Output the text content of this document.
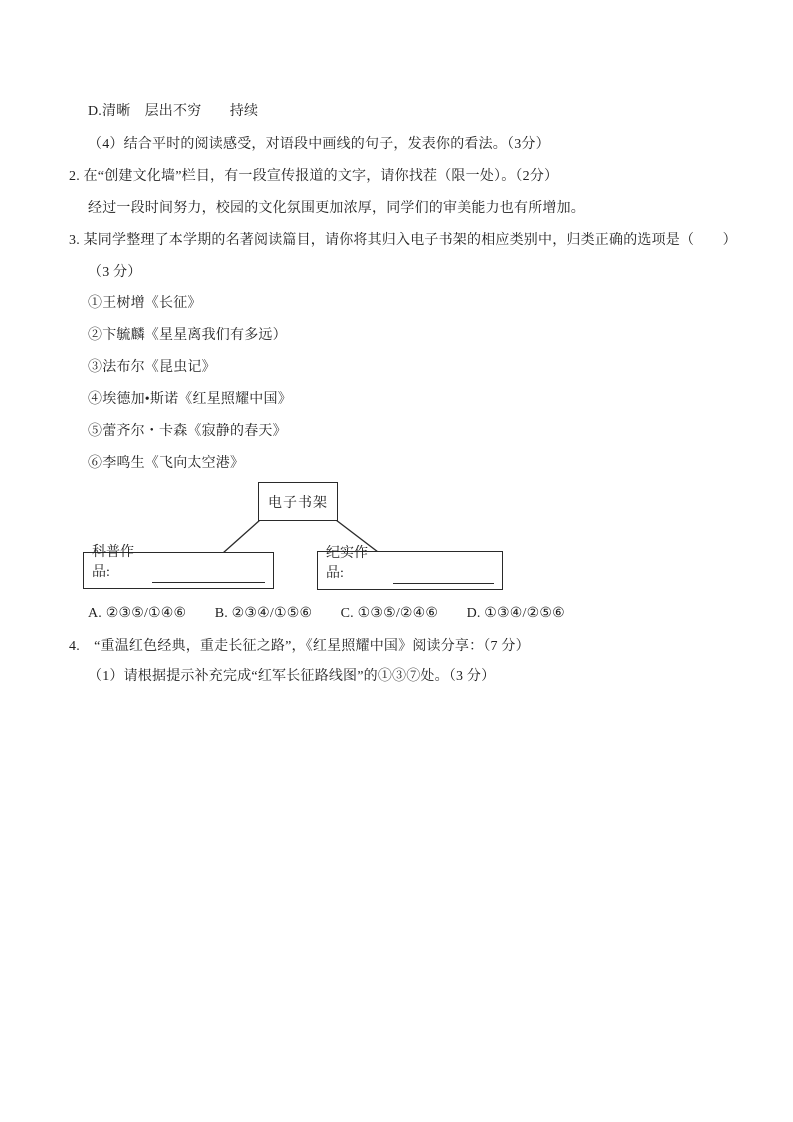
D.清晰　层出不穷　　持续

（4）结合平时的阅读感受，对语段中画线的句子，发表你的看法。（3分）

2. 在“创建文化墙”栏目，有一段宣传报道的文字，请你找茬（限一处）。（2分）

经过一段时间努力，校园的文化氛围更加浓厚，同学们的审美能力也有所增加。

3. 某同学整理了本学期的名著阅读篇目，请你将其归入电子书架的相应类别中，归类正确的选项是（　　）

（3 分）

①王树增《长征》

②卞毓麟《星星离我们有多远）

③法布尔《昆虫记》

④埃德加•斯诺《红星照耀中国》

⑤蕾齐尔・卡森《寂静的春天》

⑥李鸣生《飞向太空港》

电子书架
科普作品:
纪实作品:

A. ②③⑤/①④⑥　　B. ②③④/①⑤⑥　　C. ①③⑤/②④⑥　　D. ①③④/②⑤⑥

4.　“重温红色经典，重走长征之路”，《红星照耀中国》阅读分享：（7 分）

（1）请根据提示补充完成“红军长征路线图”的①③⑦处。（3 分）
